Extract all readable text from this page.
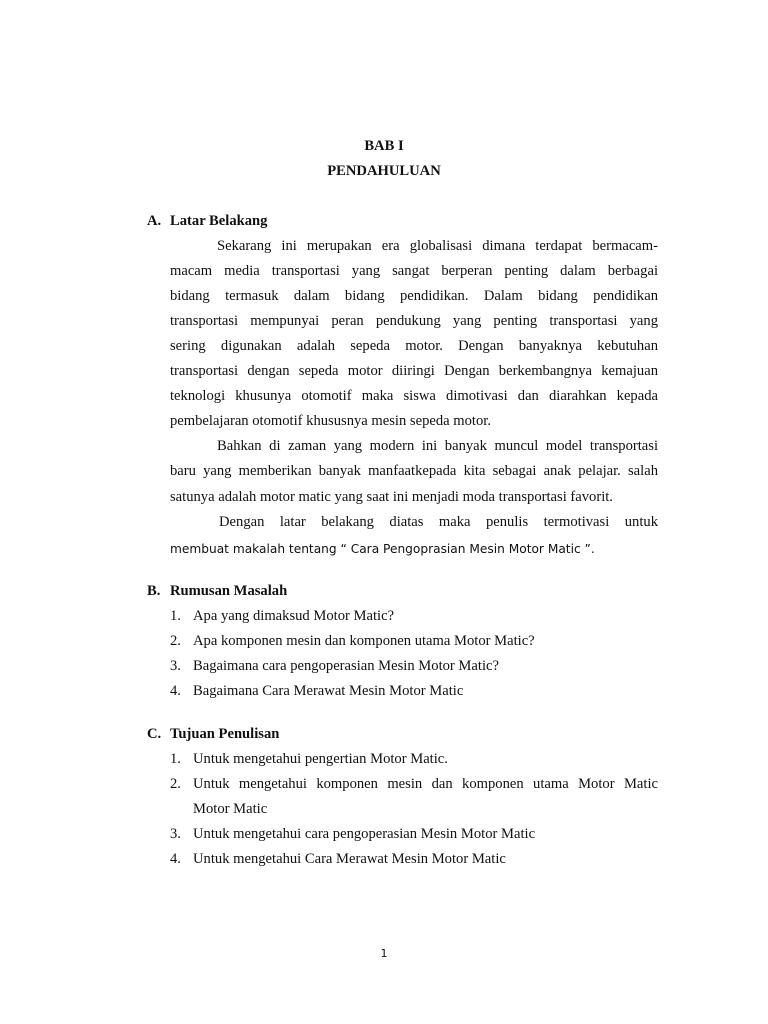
BAB I
PENDAHULUAN
A. Latar Belakang
Sekarang ini merupakan era globalisasi dimana terdapat bermacam-
macam media transportasi yang sangat berperan penting dalam berbagai
bidang termasuk dalam bidang pendidikan. Dalam bidang pendidikan
transportasi mempunyai peran pendukung yang penting transportasi yang
sering digunakan adalah sepeda motor. Dengan banyaknya kebutuhan
transportasi dengan sepeda motor diiringi Dengan berkembangnya kemajuan
teknologi khusunya otomotif maka siswa dimotivasi dan diarahkan kepada
pembelajaran otomotif khususnya mesin sepeda motor.
Bahkan di zaman yang modern ini banyak muncul model transportasi
baru yang memberikan banyak manfaatkepada kita sebagai anak pelajar. salah
satunya adalah motor matic yang saat ini menjadi moda transportasi favorit.
Dengan latar belakang diatas maka penulis termotivasi untuk
membuat makalah tentang “ Cara Pengoprasian Mesin Motor Matic ”.
B. Rumusan Masalah
1. Apa yang dimaksud Motor Matic?
2. Apa komponen mesin dan komponen utama Motor Matic?
3. Bagaimana cara pengoperasian Mesin Motor Matic?
4. Bagaimana Cara Merawat Mesin Motor Matic
C. Tujuan Penulisan
1. Untuk mengetahui pengertian Motor Matic.
2. Untuk mengetahui komponen mesin dan komponen utama Motor Matic
Motor Matic
3. Untuk mengetahui cara pengoperasian Mesin Motor Matic
4. Untuk mengetahui Cara Merawat Mesin Motor Matic
1
